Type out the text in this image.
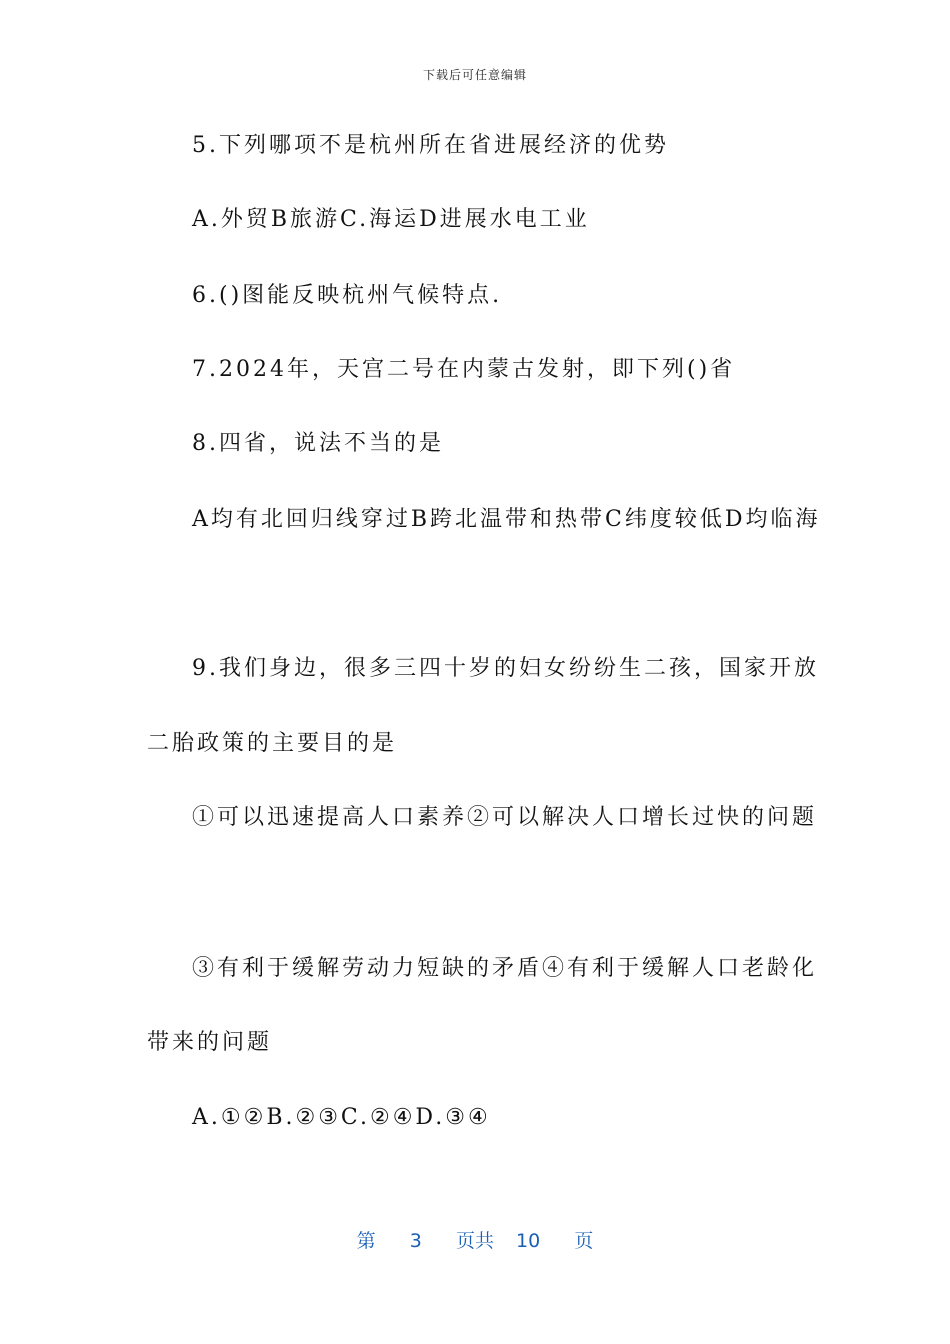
下载后可任意编辑
5.下列哪项不是杭州所在省进展经济的优势
A.外贸B旅游C.海运D进展水电工业
6.()图能反映杭州气候特点.
7.2024年，天宫二号在内蒙古发射，即下列()省
8.四省，说法不当的是
A均有北回归线穿过B跨北温带和热带C纬度较低D均临海
9.我们身边，很多三四十岁的妇女纷纷生二孩，国家开放
二胎政策的主要目的是
①可以迅速提高人口素养②可以解决人口增长过快的问题
③有利于缓解劳动力短缺的矛盾④有利于缓解人口老龄化
带来的问题
A.①②B.②③C.②④D.③④
第 3 页共 10 页
